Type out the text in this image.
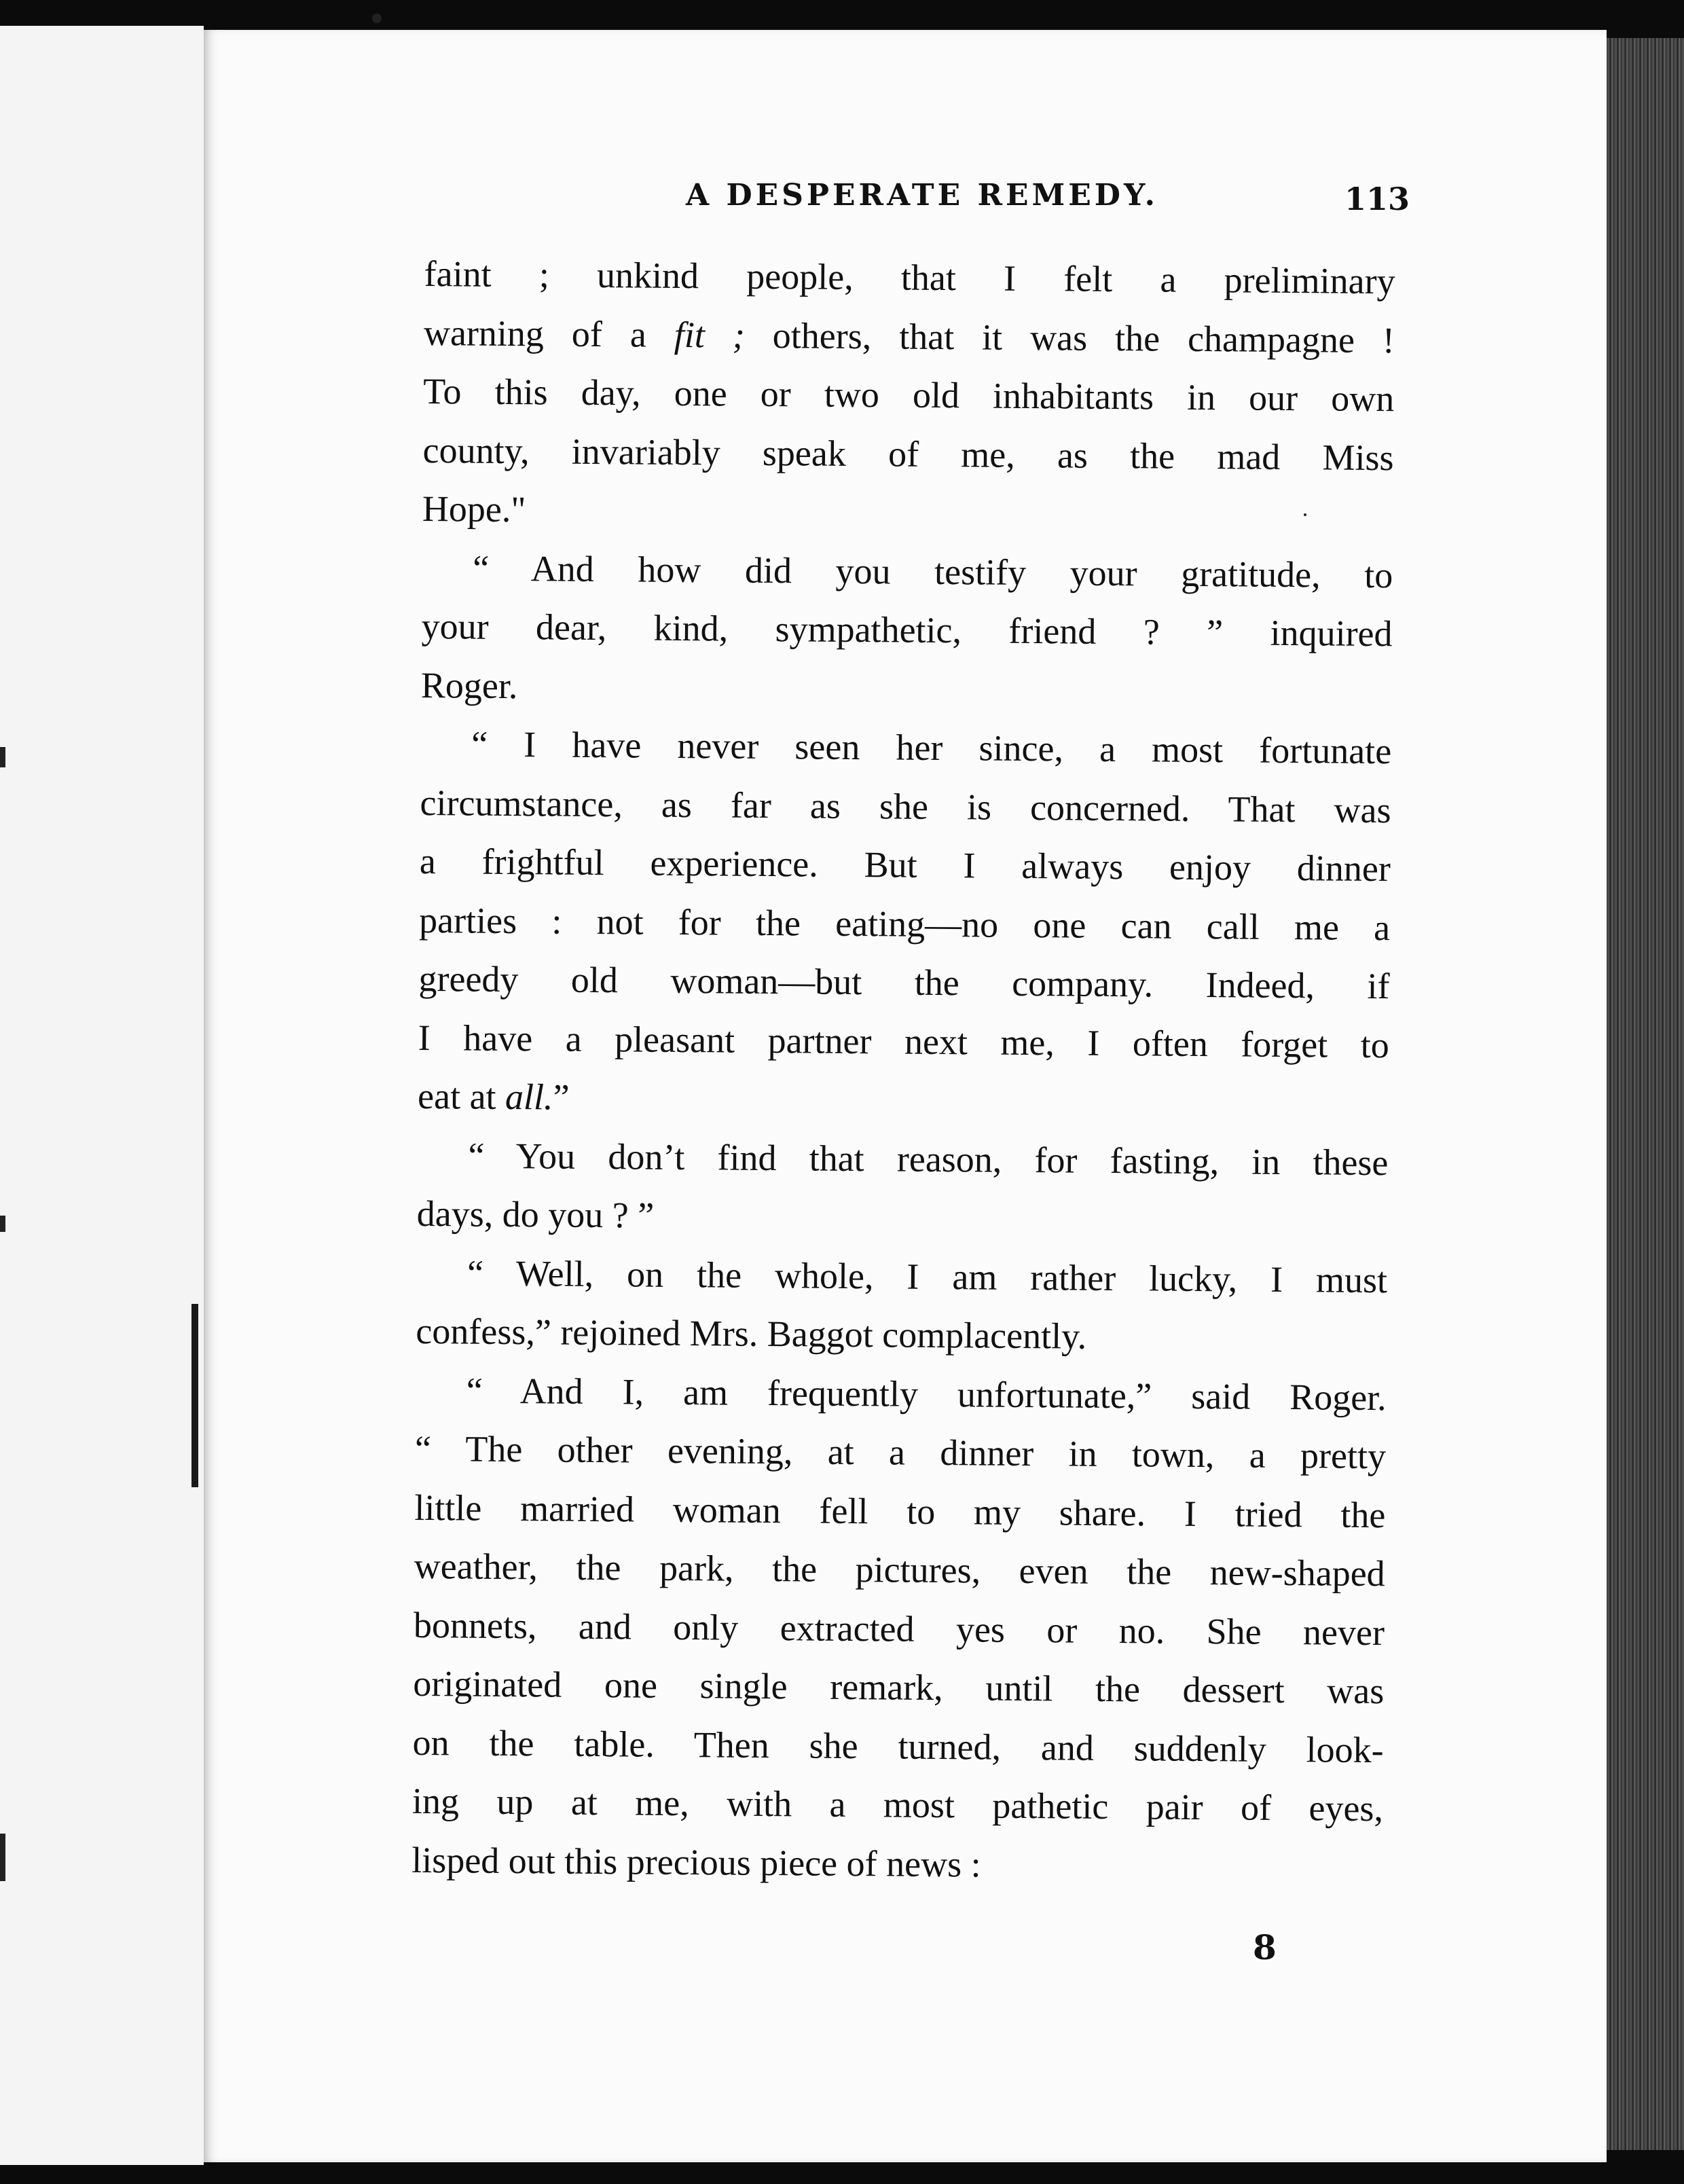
A DESPERATE REMEDY.	113
faint ; unkind people, that I felt a preliminary
warning of a fit ; others, that it was the champagne !
To this day, one or two old inhabitants in our own
county, invariably speak of me, as the mad Miss
Hope."
“ And how did you testify your gratitude, to
your dear, kind, sympathetic, friend ? ” inquired
Roger.
“ I have never seen her since, a most fortunate
circumstance, as far as she is concerned. That was
a frightful experience. But I always enjoy dinner
parties : not for the eating—no one can call me a
greedy old woman—but the company. Indeed, if
I have a pleasant partner next me, I often forget to
eat at all.”
“ You don’t find that reason, for fasting, in these
days, do you ? ”
“ Well, on the whole, I am rather lucky, I must
confess,” rejoined Mrs. Baggot complacently.
“ And I, am frequently unfortunate,” said Roger.
“ The other evening, at a dinner in town, a pretty
little married woman fell to my share. I tried the
weather, the park, the pictures, even the new-shaped
bonnets, and only extracted yes or no. She never
originated one single remark, until the dessert was
on the table. Then she turned, and suddenly look-
ing up at me, with a most pathetic pair of eyes,
lisped out this precious piece of news :
8
